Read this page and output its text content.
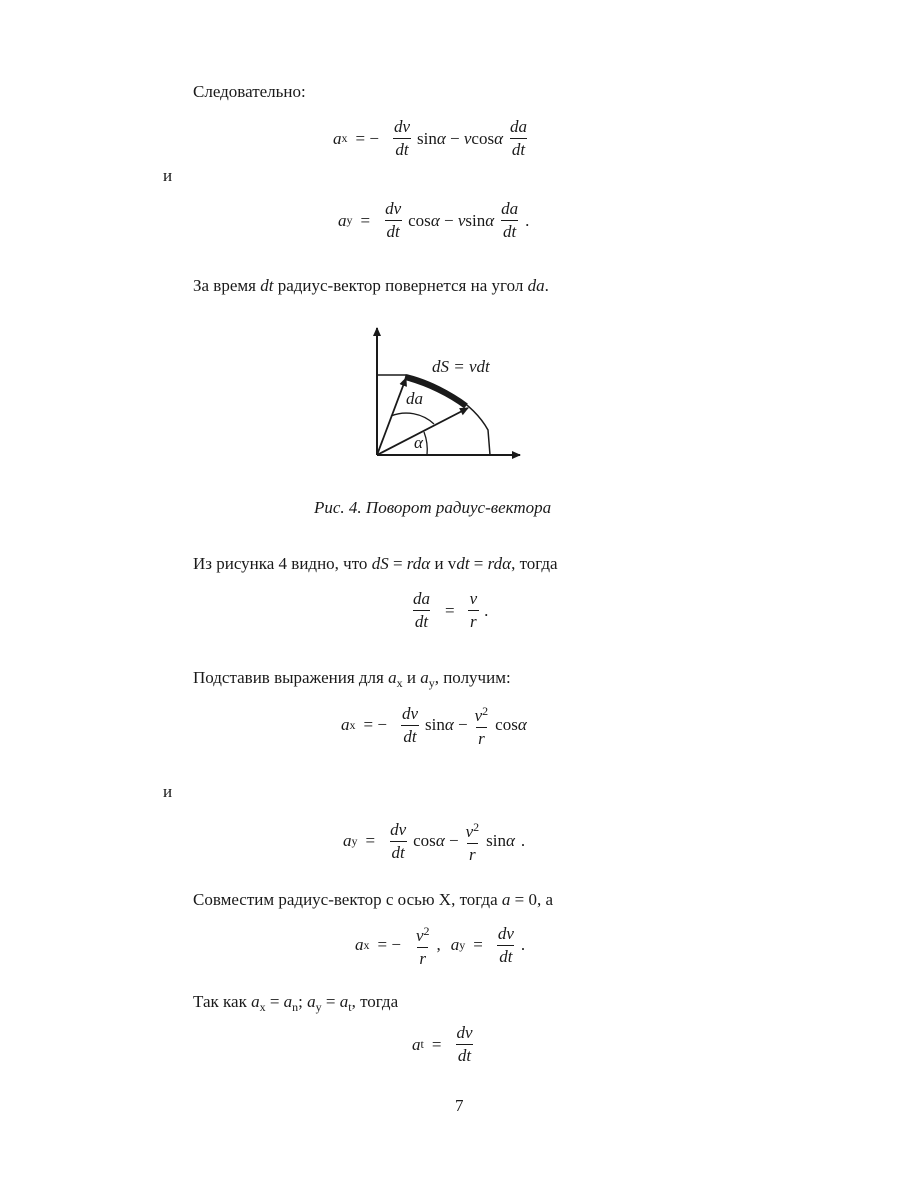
Следовательно:
a x = − $\frac{dv}{dt}$ sinα − vcosα $\frac{da}{dt}$
и
a $y = \frac{dv}{dt}$ cosα − vsinα $\frac{da}{dt}$ .
За время dt радиус-вектор повернется на угол da.
dS = vdt
da
α
Рис. 4. Поворот радиус-вектора
Из рисунка 4 видно, что dS = rdα и vdt = rdα, тогда
$\frac{da}{dt} = \frac{v}{r}$ .
Подставив выражения для $a_x$ и $a_y$, получим:
a x = − $\frac{dv}{dt}$ $\sin\alpha - \frac{v^2}{r}$ cosα
и
a $y = \frac{dv}{dt}$ $\cos\alpha - \frac{v^2}{r}$ sinα .
Совместим радиус-вектор с осью X, тогда a = 0, а
a x = − $\frac{v^2}{r}$ , a $y = \frac{dv}{dt}$ .
Так как $a_x = a_n$; $a_y = a_t$, тогда
a $t = \frac{dv}{dt}$
7
